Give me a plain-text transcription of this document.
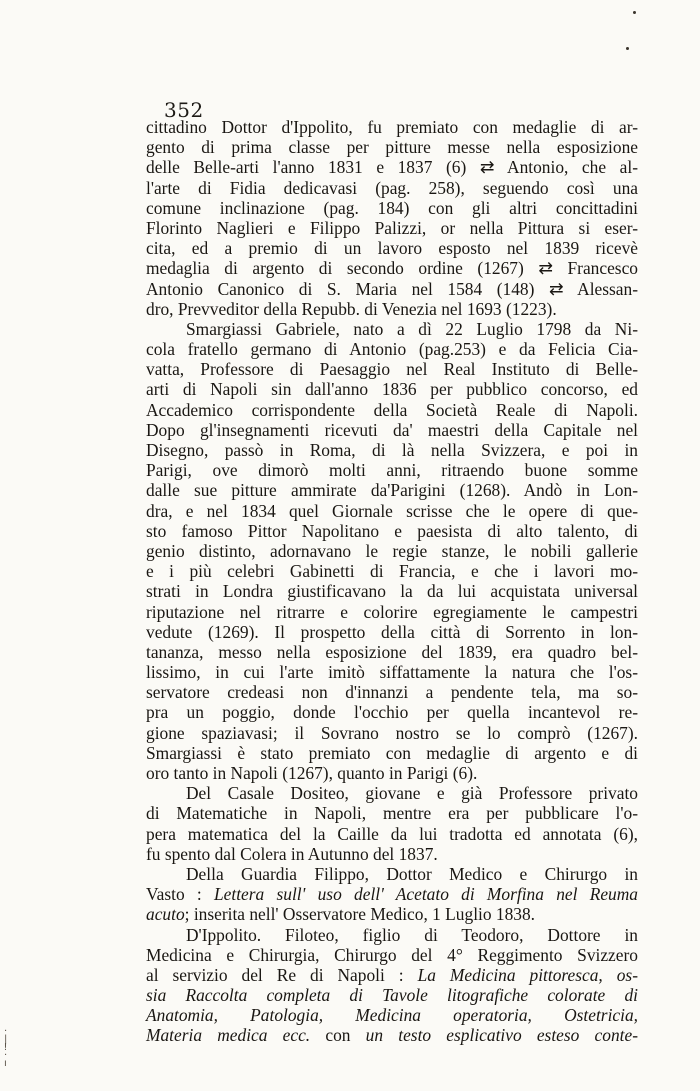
352
·
|
ǃ
·
ı
cittadino Dottor d'Ippolito, fu premiato con medaglie di ar-
gento di prima classe per pitture messe nella esposizione
delle Belle-arti l'anno 1831 e 1837 (6) ⇄ Antonio, che al-
l'arte di Fidia dedicavasi (pag. 258), seguendo così una
comune inclinazione (pag. 184) con gli altri concittadini
Florinto Naglieri e Filippo Palizzi, or nella Pittura si eser-
cita, ed a premio di un lavoro esposto nel 1839 ricevè
medaglia di argento di secondo ordine (1267) ⇄ Francesco
Antonio Canonico di S. Maria nel 1584 (148) ⇄ Alessan-
dro, Prevveditor della Repubb. di Venezia nel 1693 (1223).
Smargiassi Gabriele, nato a dì 22 Luglio 1798 da Ni-
cola fratello germano di Antonio (pag.253) e da Felicia Cia-
vatta, Professore di Paesaggio nel Real Instituto di Belle-
arti di Napoli sin dall'anno 1836 per pubblico concorso, ed
Accademico corrispondente della Società Reale di Napoli.
Dopo gl'insegnamenti ricevuti da' maestri della Capitale nel
Disegno, passò in Roma, di là nella Svizzera, e poi in
Parigi, ove dimorò molti anni, ritraendo buone somme
dalle sue pitture ammirate da'Parigini (1268). Andò in Lon-
dra, e nel 1834 quel Giornale scrisse che le opere di que-
sto famoso Pittor Napolitano e paesista di alto talento, di
genio distinto, adornavano le regie stanze, le nobili gallerie
e i più celebri Gabinetti di Francia, e che i lavori mo-
strati in Londra giustificavano la da lui acquistata universal
riputazione nel ritrarre e colorire egregiamente le campestri
vedute (1269). Il prospetto della città di Sorrento in lon-
tananza, messo nella esposizione del 1839, era quadro bel-
lissimo, in cui l'arte imitò siffattamente la natura che l'os-
servatore credeasi non d'innanzi a pendente tela, ma so-
pra un poggio, donde l'occhio per quella incantevol re-
gione spaziavasi; il Sovrano nostro se lo comprò (1267).
Smargiassi è stato premiato con medaglie di argento e di
oro tanto in Napoli (1267), quanto in Parigi (6).
Del Casale Dositeo, giovane e già Professore privato
di Matematiche in Napoli, mentre era per pubblicare l'o-
pera matematica del la Caille da lui tradotta ed annotata (6),
fu spento dal Colera in Autunno del 1837.
Della Guardia Filippo, Dottor Medico e Chirurgo in
Vasto : Lettera sull' uso dell' Acetato di Morfina nel Reuma
acuto; inserita nell' Osservatore Medico, 1 Luglio 1838.
D'Ippolito. Filoteo, figlio di Teodoro, Dottore in
Medicina e Chirurgia, Chirurgo del 4° Reggimento Svizzero
al servizio del Re di Napoli : La Medicina pittoresca, os-
sia Raccolta completa di Tavole litografiche colorate di
Anatomia, Patologia, Medicina operatoria, Ostetricia,
Materia medica ecc. con un testo esplicativo esteso conte-
